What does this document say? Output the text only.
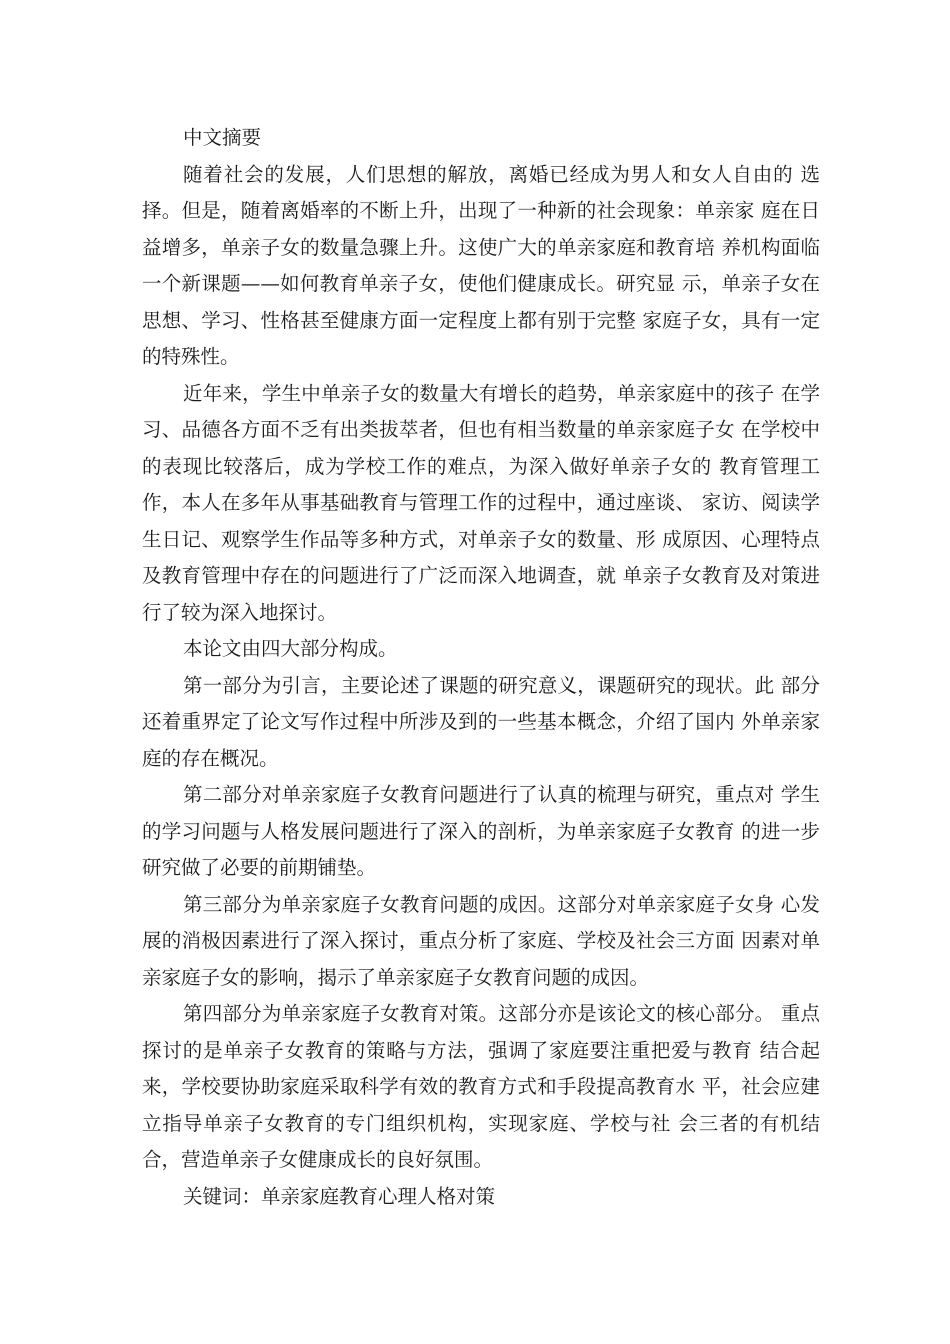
中文摘要

随着社会的发展，人们思想的解放，离婚已经成为男人和女人自由的 选择。但是，随着离婚率的不断上升，出现了一种新的社会现象：单亲家 庭在日益增多，单亲子女的数量急骤上升。这使广大的单亲家庭和教育培 养机构面临一个新课题——如何教育单亲子女，使他们健康成长。研究显 示，单亲子女在思想、学习、性格甚至健康方面一定程度上都有别于完整 家庭子女，具有一定的特殊性。

近年来，学生中单亲子女的数量大有增长的趋势，单亲家庭中的孩子 在学习、品德各方面不乏有出类拔萃者，但也有相当数量的单亲家庭子女 在学校中的表现比较落后，成为学校工作的难点，为深入做好单亲子女的 教育管理工作，本人在多年从事基础教育与管理工作的过程中，通过座谈、 家访、阅读学生日记、观察学生作品等多种方式，对单亲子女的数量、形 成原因、心理特点及教育管理中存在的问题进行了广泛而深入地调查，就 单亲子女教育及对策进行了较为深入地探讨。

本论文由四大部分构成。

第一部分为引言，主要论述了课题的研究意义，课题研究的现状。此 部分还着重界定了论文写作过程中所涉及到的一些基本概念，介绍了国内 外单亲家庭的存在概况。

第二部分对单亲家庭子女教育问题进行了认真的梳理与研究，重点对 学生的学习问题与人格发展问题进行了深入的剖析，为单亲家庭子女教育 的进一步研究做了必要的前期铺垫。

第三部分为单亲家庭子女教育问题的成因。这部分对单亲家庭子女身 心发展的消极因素进行了深入探讨，重点分析了家庭、学校及社会三方面 因素对单亲家庭子女的影响，揭示了单亲家庭子女教育问题的成因。

第四部分为单亲家庭子女教育对策。这部分亦是该论文的核心部分。 重点探讨的是单亲子女教育的策略与方法，强调了家庭要注重把爱与教育 结合起来，学校要协助家庭采取科学有效的教育方式和手段提高教育水 平，社会应建立指导单亲子女教育的专门组织机构，实现家庭、学校与社 会三者的有机结合，营造单亲子女健康成长的良好氛围。

关键词：单亲家庭教育心理人格对策
